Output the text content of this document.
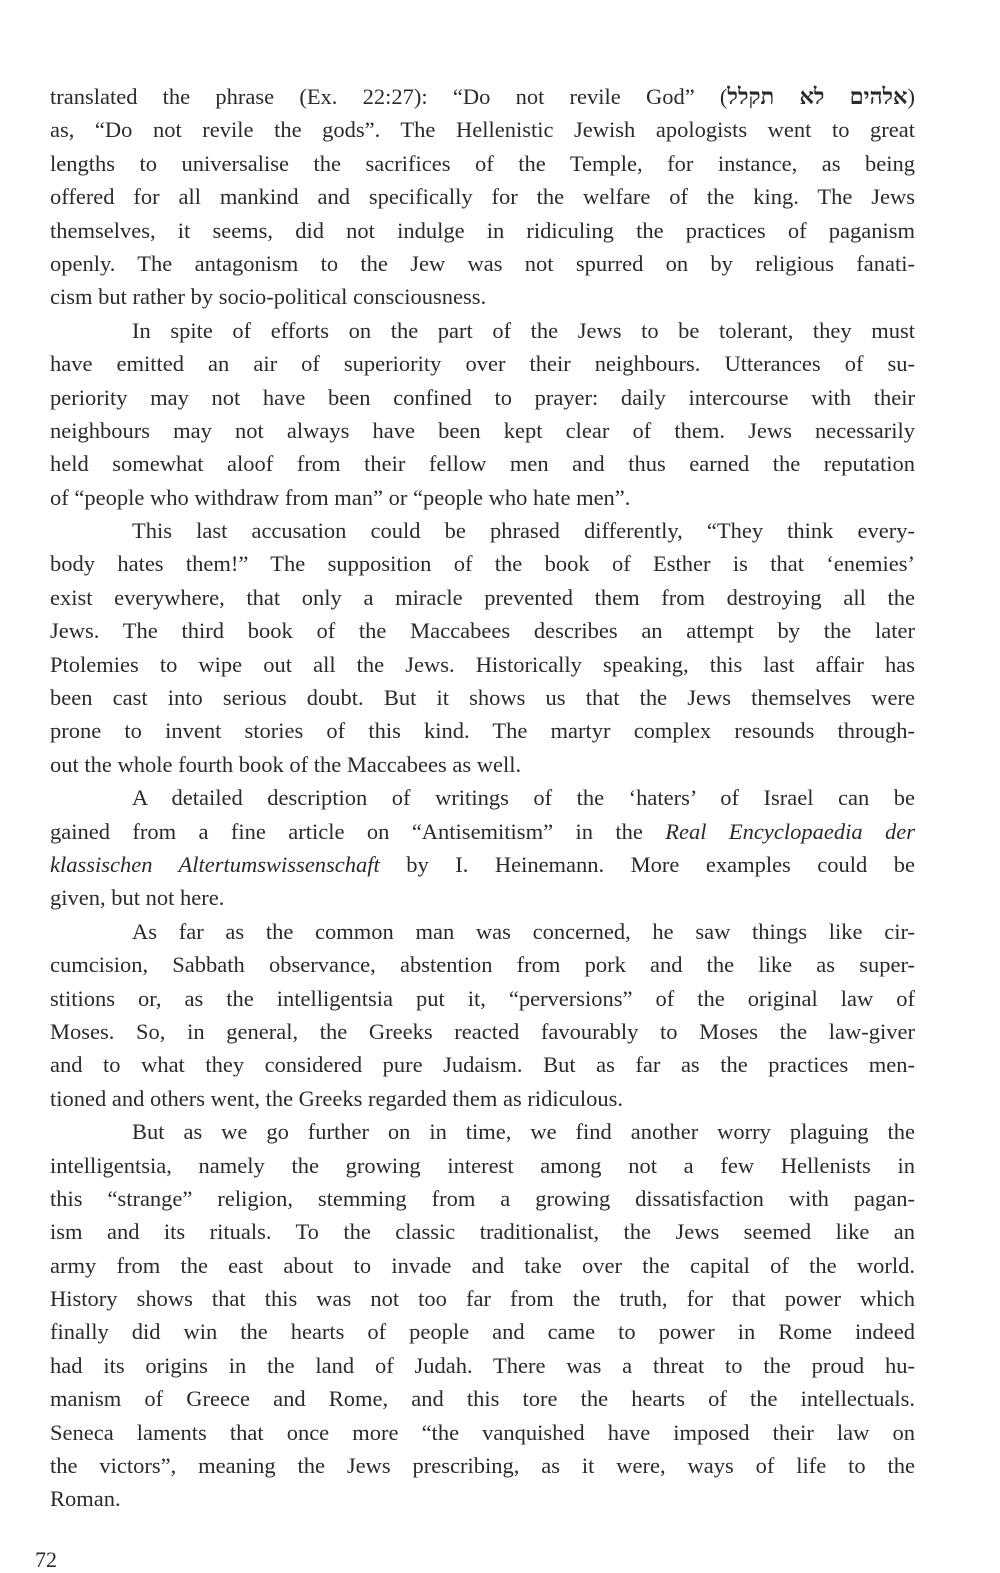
translated the phrase (Ex. 22:27): “Do not revile God” (אלהים לא תקלל)
as, “Do not revile the gods”. The Hellenistic Jewish apologists went to great
lengths to universalise the sacrifices of the Temple, for instance, as being
offered for all mankind and specifically for the welfare of the king. The Jews
themselves, it seems, did not indulge in ridiculing the practices of paganism
openly. The antagonism to the Jew was not spurred on by religious fanati-
cism but rather by socio-political consciousness.
In spite of efforts on the part of the Jews to be tolerant, they must
have emitted an air of superiority over their neighbours. Utterances of su-
periority may not have been confined to prayer: daily intercourse with their
neighbours may not always have been kept clear of them. Jews necessarily
held somewhat aloof from their fellow men and thus earned the reputation
of “people who withdraw from man” or “people who hate men”.
This last accusation could be phrased differently, “They think every-
body hates them!” The supposition of the book of Esther is that ‘enemies’
exist everywhere, that only a miracle prevented them from destroying all the
Jews. The third book of the Maccabees describes an attempt by the later
Ptolemies to wipe out all the Jews. Historically speaking, this last affair has
been cast into serious doubt. But it shows us that the Jews themselves were
prone to invent stories of this kind. The martyr complex resounds through-
out the whole fourth book of the Maccabees as well.
A detailed description of writings of the ‘haters’ of Israel can be
gained from a fine article on “Antisemitism” in the Real Encyclopaedia der
klassischen Altertumswissenschaft by I. Heinemann. More examples could be
given, but not here.
As far as the common man was concerned, he saw things like cir-
cumcision, Sabbath observance, abstention from pork and the like as super-
stitions or, as the intelligentsia put it, “perversions” of the original law of
Moses. So, in general, the Greeks reacted favourably to Moses the law-giver
and to what they considered pure Judaism. But as far as the practices men-
tioned and others went, the Greeks regarded them as ridiculous.
But as we go further on in time, we find another worry plaguing the
intelligentsia, namely the growing interest among not a few Hellenists in
this “strange” religion, stemming from a growing dissatisfaction with pagan-
ism and its rituals. To the classic traditionalist, the Jews seemed like an
army from the east about to invade and take over the capital of the world.
History shows that this was not too far from the truth, for that power which
finally did win the hearts of people and came to power in Rome indeed
had its origins in the land of Judah. There was a threat to the proud hu-
manism of Greece and Rome, and this tore the hearts of the intellectuals.
Seneca laments that once more “the vanquished have imposed their law on
the victors”, meaning the Jews prescribing, as it were, ways of life to the
Roman.
72
